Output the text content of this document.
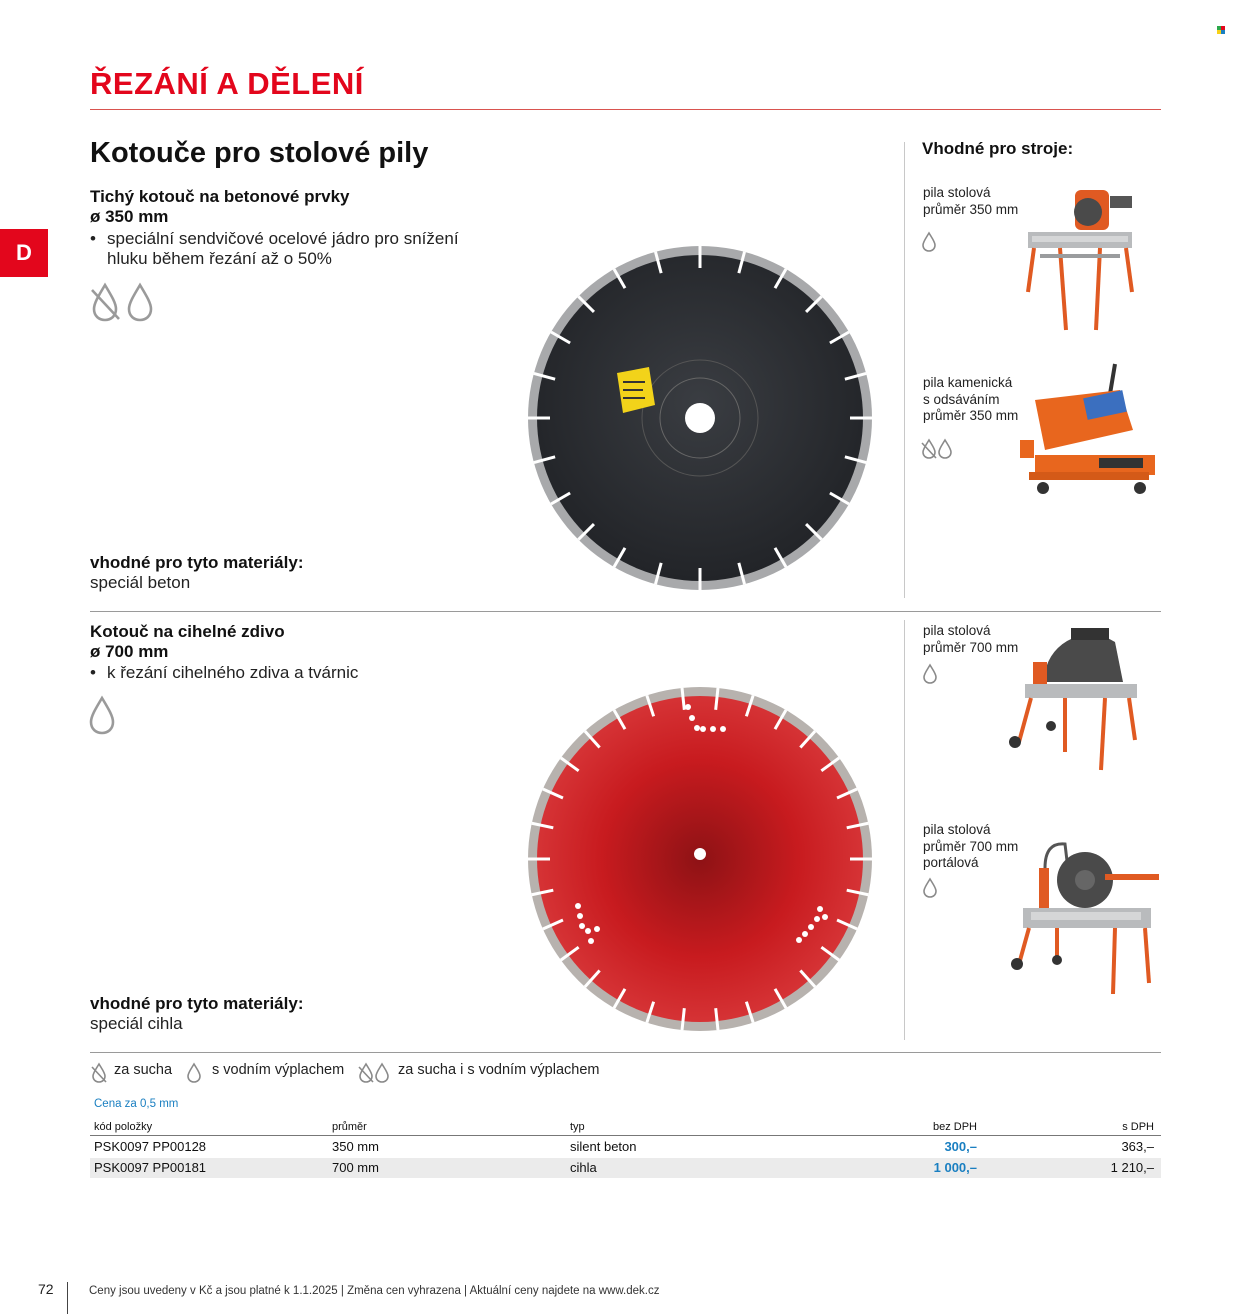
ŘEZÁNÍ A DĚLENÍ
D
Kotouče pro stolové pily
Tichý kotouč na betonové prvky
ø 350 mm
• speciální sendvičové ocelové jádro pro snížení
hluku během řezání až o 50%
vhodné pro tyto materiály:
speciál beton
Kotouč na cihelné zdivo
ø 700 mm
• k řezání cihelného zdiva a tvárnic
vhodné pro tyto materiály:
speciál cihla
Vhodné pro stroje:
pila stolová
průměr 350 mm
pila kamenická
s odsáváním
průměr 350 mm
pila stolová
průměr 700 mm
pila stolová
průměr 700 mm
portálová
za sucha	s vodním výplachem	za sucha i s vodním výplachem
Cena za 0,5 mm
kód položky	průměr	typ	bez DPH	s DPH
PSK0097 PP00128	350 mm	silent beton	300,–	363,–
PSK0097 PP00181	700 mm	cihla	1 000,–	1 210,–
72	Ceny jsou uvedeny v Kč a jsou platné k 1.1.2025 | Změna cen vyhrazena | Aktuální ceny najdete na www.dek.cz
